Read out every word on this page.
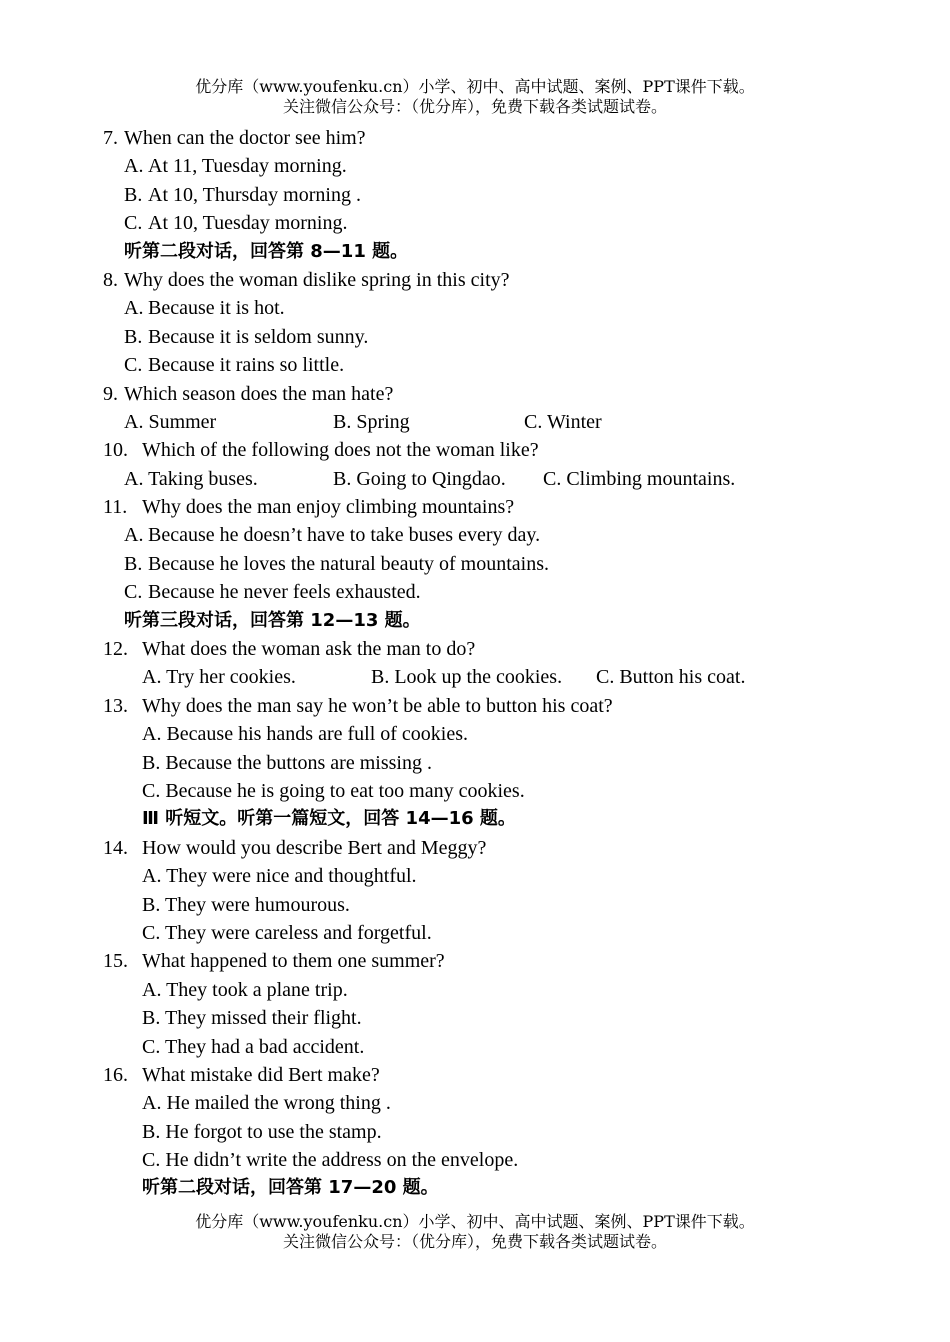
优分库（www.youfenku.cn）小学、初中、高中试题、案例、PPT课件下载。
关注微信公众号：（优分库），免费下载各类试题试卷。
7. When can the doctor see him?
A. At 11, Tuesday morning.
B. At 10, Thursday morning .
C. At 10, Tuesday morning.
听第二段对话，回答第 8—11 题。
8. Why does the woman dislike spring in this city?
A. Because it is hot.
B. Because it is seldom sunny.
C. Because it rains so little.
9. Which season does the man hate?
A. Summer	B. Spring	C. Winter
10. Which of the following does not the woman like?
A. Taking buses.	B. Going to Qingdao. C. Climbing mountains.
11. Why does the man enjoy climbing mountains?
A. Because he doesn’t have to take buses every day.
B. Because he loves the natural beauty of mountains.
C. Because he never feels exhausted.
听第三段对话，回答第 12—13 题。
12. What does the woman ask the man to do?
A. Try her cookies.	B. Look up the cookies. C. Button his coat.
13. Why does the man say he won’t be able to button his coat?
A. Because his hands are full of cookies.
B. Because the buttons are missing .
C. Because he is going to eat too many cookies.
Ⅲ 听短文。听第一篇短文，回答 14—16 题。
14. How would you describe Bert and Meggy?
A. They were nice and thoughtful.
B. They were humourous.
C. They were careless and forgetful.
15. What happened to them one summer?
A. They took a plane trip.
B. They missed their flight.
C. They had a bad accident.
16. What mistake did Bert make?
A. He mailed the wrong thing .
B. He forgot to use the stamp.
C. He didn’t write the address on the envelope.
听第二段对话，回答第 17—20 题。
优分库（www.youfenku.cn）小学、初中、高中试题、案例、PPT课件下载。
关注微信公众号：（优分库），免费下载各类试题试卷。
